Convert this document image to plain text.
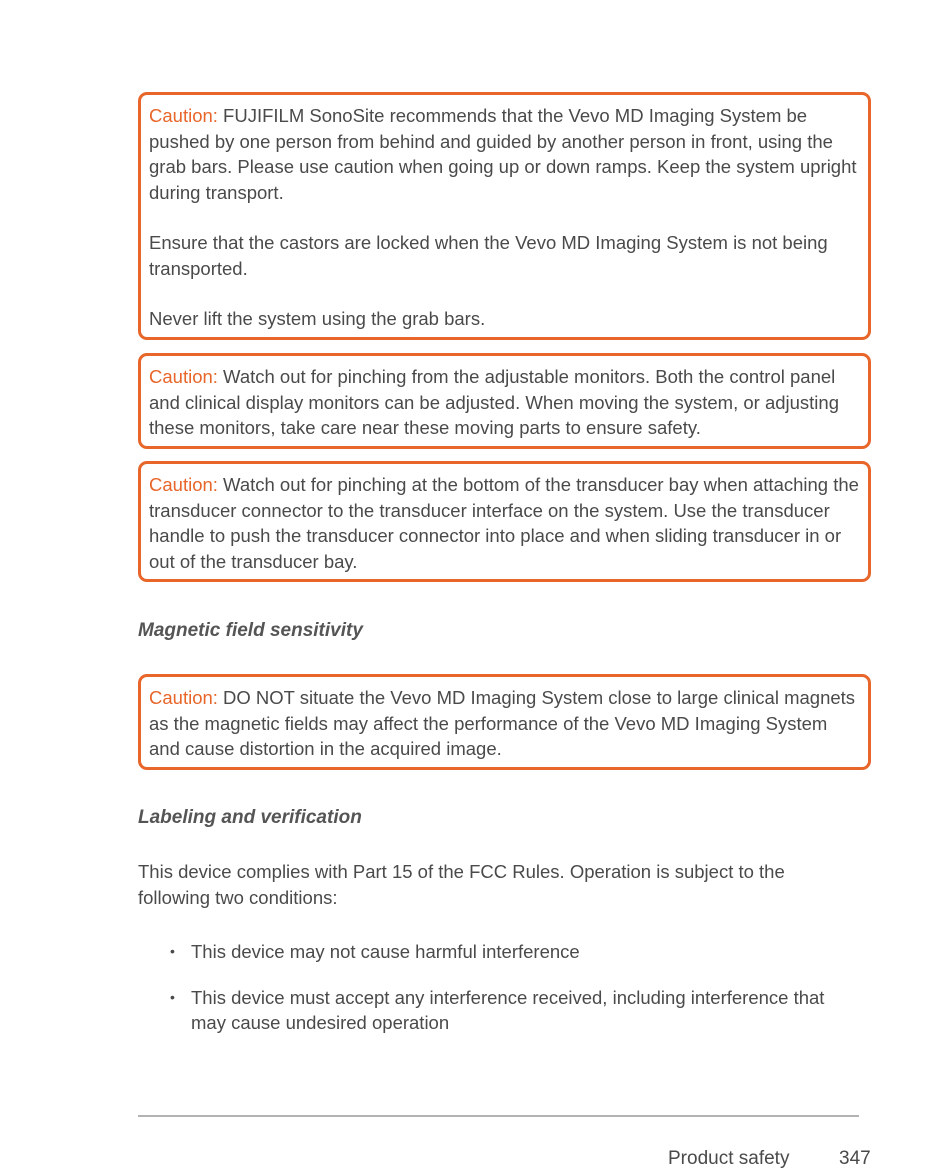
Caution: FUJIFILM SonoSite recommends that the Vevo MD Imaging System be pushed by one person from behind and guided by another person in front, using the grab bars. Please use caution when going up or down ramps. Keep the system upright during transport.

Ensure that the castors are locked when the Vevo MD Imaging System is not being transported.

Never lift the system using the grab bars.

Caution: Watch out for pinching from the adjustable monitors. Both the control panel and clinical display monitors can be adjusted. When moving the system, or adjusting these monitors, take care near these moving parts to ensure safety.

Caution: Watch out for pinching at the bottom of the transducer bay when attaching the transducer connector to the transducer interface on the system. Use the transducer handle to push the transducer connector into place and when sliding transducer in or out of the transducer bay.

Magnetic field sensitivity

Caution: DO NOT situate the Vevo MD Imaging System close to large clinical magnets as the magnetic fields may affect the performance of the Vevo MD Imaging System and cause distortion in the acquired image.

Labeling and verification

This device complies with Part 15 of the FCC Rules. Operation is subject to the following two conditions:

• This device may not cause harmful interference
• This device must accept any interference received, including interference that may cause undesired operation
Product safety	347
